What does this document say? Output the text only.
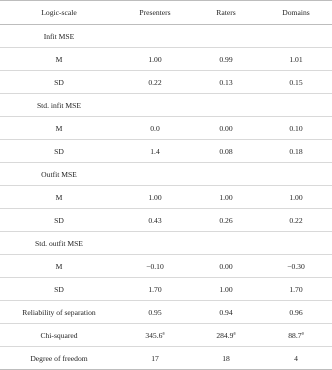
Logic-scale	Presenters	Raters	Domains
Infit MSE			
M	1.00	0.99	1.01
SD	0.22	0.13	0.15
Std. infit MSE			
M	0.0	0.00	0.10
SD	1.4	0.08	0.18
Outfit MSE			
M	1.00	1.00	1.00
SD	0.43	0.26	0.22
Std. outfit MSE			
M	−0.10	0.00	−0.30
SD	1.70	1.00	1.70
Reliability of separation	0.95	0.94	0.96
Chi-squared	345.6$^a$	284.9$^a$	88.7$^a$
Degree of freedom	17	18	4
